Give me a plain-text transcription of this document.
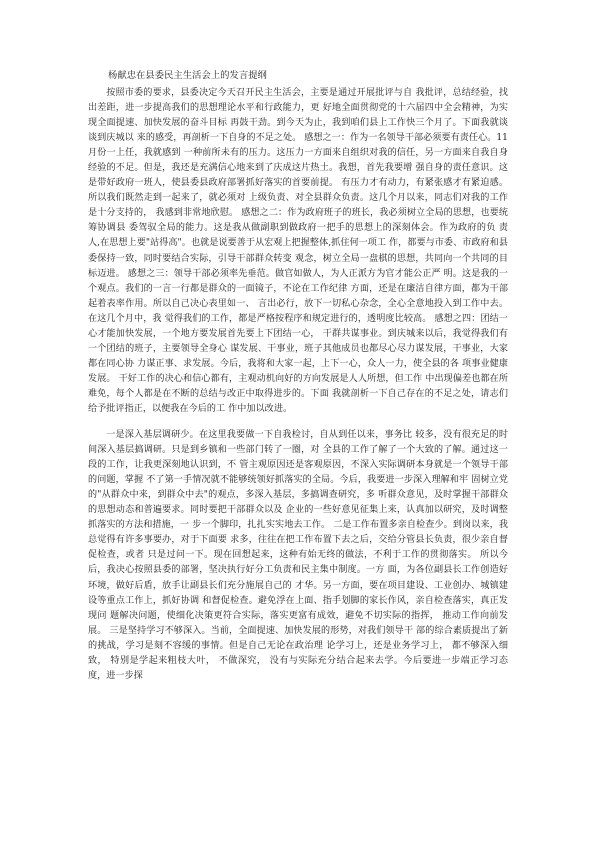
杨献忠在县委民主生活会上的发言提纲

按照市委的要求，县委决定今天召开民主生活会，主要是通过开展批评与自 我批评，总结经验，找出差距，进一步提高我们的思想理论水平和行政能力，更 好地全面贯彻党的十六届四中全会精神，为实现全面提速、加快发展的奋斗目标 再鼓干劲。到今天为止，我到咱们县上工作快三个月了。下面我就谈谈到庆城以 来的感受，再剖析一下自身的不足之处。 感想之一：作为一名领导干部必须要有责任心。11 月份一上任，我就感到 一种前所未有的压力。这压力一方面来自组织对我的信任，另一方面来自我自身 经验的不足。但是，我还是充满信心地来到了庆成这片热土。我想，首先我要增 强自身的责任意识。这是带好政府一班人，使县委县政府部署抓好落实的首要前提。 有压力才有动力，有紧张感才有紧迫感。所以我们既然走到一起来了，就必须对 上级负责、对全县群众负责。这几个月以来，同志们对我的工作是十分支持的， 我感到非常地欣慰。 感想之二：作为政府班子的班长，我必须树立全局的思想，也要统筹协调县 委驾驭全局的能力。这是我从做副职到做政府一把手的思想上的深刻体会。作为政府的负 责人,在思想上要"站得高"。也就是说要善于从宏观上把握整体,抓住何一项工 作，都要与市委、市政府和县委保持一致，同时要结合实际，引导干部群众转变 观念，树立全局一盘棋的思想，共同向一个共同的目标迈进。 感想之三：领导干部必须率先垂范。做官如做人，为人正派方为官才能公正严 明。这是我的一个观点。我们的一言一行都是群众的一面镜子，不论在工作纪律 方面，还是在廉洁自律方面，都为干部起着表率作用。所以自己决心表里如一、 言出必行，放下一切私心杂念，全心全意地投入到工作中去。在这几个月中，我 觉得我们的工作，都是严格按程序和规定进行的，透明度比较高。 感想之四：团结一心才能加快发展，一个地方要发展首先要上下团结一心， 干群共谋事业。到庆城来以后，我觉得我们有一个团结的班子，主要领导全身心 谋发展、干事业，班子其他成员也都尽心尽力谋发展，干事业，大家都在同心协 力谋正事、求发展。今后，我将和大家一起，上下一心，众人一力，使全县的各 项事业健康发展。 干好工作的决心和信心都有，主观动机向好的方向发展是人人所想，但工作 中出现偏差也都在所难免，每个人都是在不断的总结与改正中取得进步的。下面 我就剖析一下自己存在的不足之处，请志们给予批评指正，以便我在今后的工 作中加以改进。

一是深入基层调研少。在这里我要做一下自我检讨，自从到任以来，事务比 较多，没有很充足的时间深入基层搞调研。只是到乡镇和一些部门转了一圈，对 全县的工作了解了一个大致的了解。通过这一段的工作，让我更深刻地认识到，不 管主观原因还是客观原因，不深入实际调研本身就是一个领导干部的问题，掌握 不了第一手情况就不能够统领好抓落实的全局。今后，我要进一步深入理解和牢 固树立党的"从群众中来，到群众中去"的观点，多深入基层，多搞调查研究，多 听群众意见，及时掌握干部群众的思想动态和普遍要求。同时要把干部群众以及 企业的一些好意见征集上来，认真加以研究，及时调整抓落实的方法和措施，一 步一个脚印，扎扎实实地去工作。 二是工作布置多亲自检查少。到岗以来，我总觉得有许多事要办，对于下面要 求多，往往在把工作布置下去之后，交给分管县长负责，很少亲自督促检查，或者 只是过问一下。现在回想起来，这种有始无终的做法，不利于工作的贯彻落实。 所以今后，我决心按照县委的部署，坚决执行好分工负责和民主集中制度。一方 面，为各位副县长工作创造好环境，做好后盾，放手让副县长们充分施展自己的 才华。另一方面，要在项目建设、工业创办、城镇建设等重点工作上，抓好协调 和督促检查。避免浮在上面、指手划脚的家长作风，亲自检查落实，真正发现问 题解决问题，使细化决策更符合实际，落实更富有成效，避免不切实际的指挥， 推动工作向前发展。 三是坚持学习不够深入。当前，全面提速、加快发展的形势，对我们领导干 部的综合素质提出了新的挑战，学习是刻不容缓的事情。但是自己无论在政治理 论学习上，还是业务学习上， 都不够深入细致， 特别是学起来粗枝大叶， 不做深究， 没有与实际充分结合起来去学。今后要进一步端正学习态度，进一步探
